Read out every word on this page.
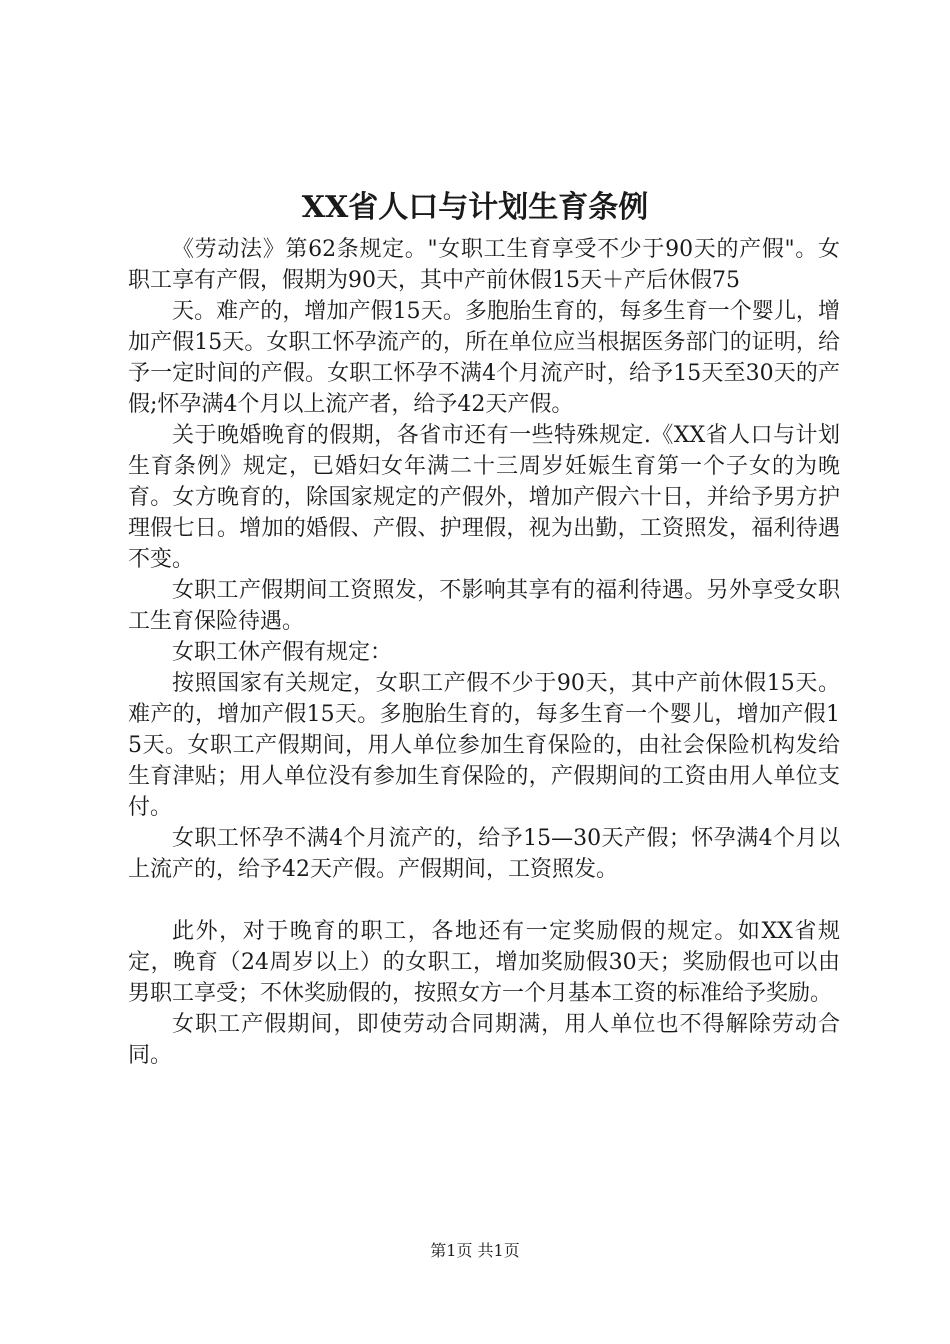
XX省人口与计划生育条例

《劳动法》第62条规定。"女职工生育享受不少于90天的产假"。女职工享有产假，假期为90天，其中产前休假15天＋产后休假75

天。难产的，增加产假15天。多胞胎生育的，每多生育一个婴儿，增加产假15天。女职工怀孕流产的，所在单位应当根据医务部门的证明，给予一定时间的产假。女职工怀孕不满4个月流产时，给予15天至30天的产假;怀孕满4个月以上流产者，给予42天产假。

关于晚婚晚育的假期，各省市还有一些特殊规定.《XX省人口与计划生育条例》规定，已婚妇女年满二十三周岁妊娠生育第一个子女的为晚育。女方晚育的，除国家规定的产假外，增加产假六十日，并给予男方护理假七日。增加的婚假、产假、护理假，视为出勤，工资照发，福利待遇不变。

女职工产假期间工资照发，不影响其享有的福利待遇。另外享受女职工生育保险待遇。

女职工休产假有规定：

按照国家有关规定，女职工产假不少于90天，其中产前休假15天。难产的，增加产假15天。多胞胎生育的，每多生育一个婴儿，增加产假15天。女职工产假期间，用人单位参加生育保险的，由社会保险机构发给生育津贴；用人单位没有参加生育保险的，产假期间的工资由用人单位支付。

女职工怀孕不满4个月流产的，给予15—30天产假；怀孕满4个月以上流产的，给予42天产假。产假期间，工资照发。

此外，对于晚育的职工，各地还有一定奖励假的规定。如XX省规定，晚育（24周岁以上）的女职工，增加奖励假30天；奖励假也可以由男职工享受；不休奖励假的，按照女方一个月基本工资的标准给予奖励。

女职工产假期间，即使劳动合同期满，用人单位也不得解除劳动合同。

第1页 共1页
